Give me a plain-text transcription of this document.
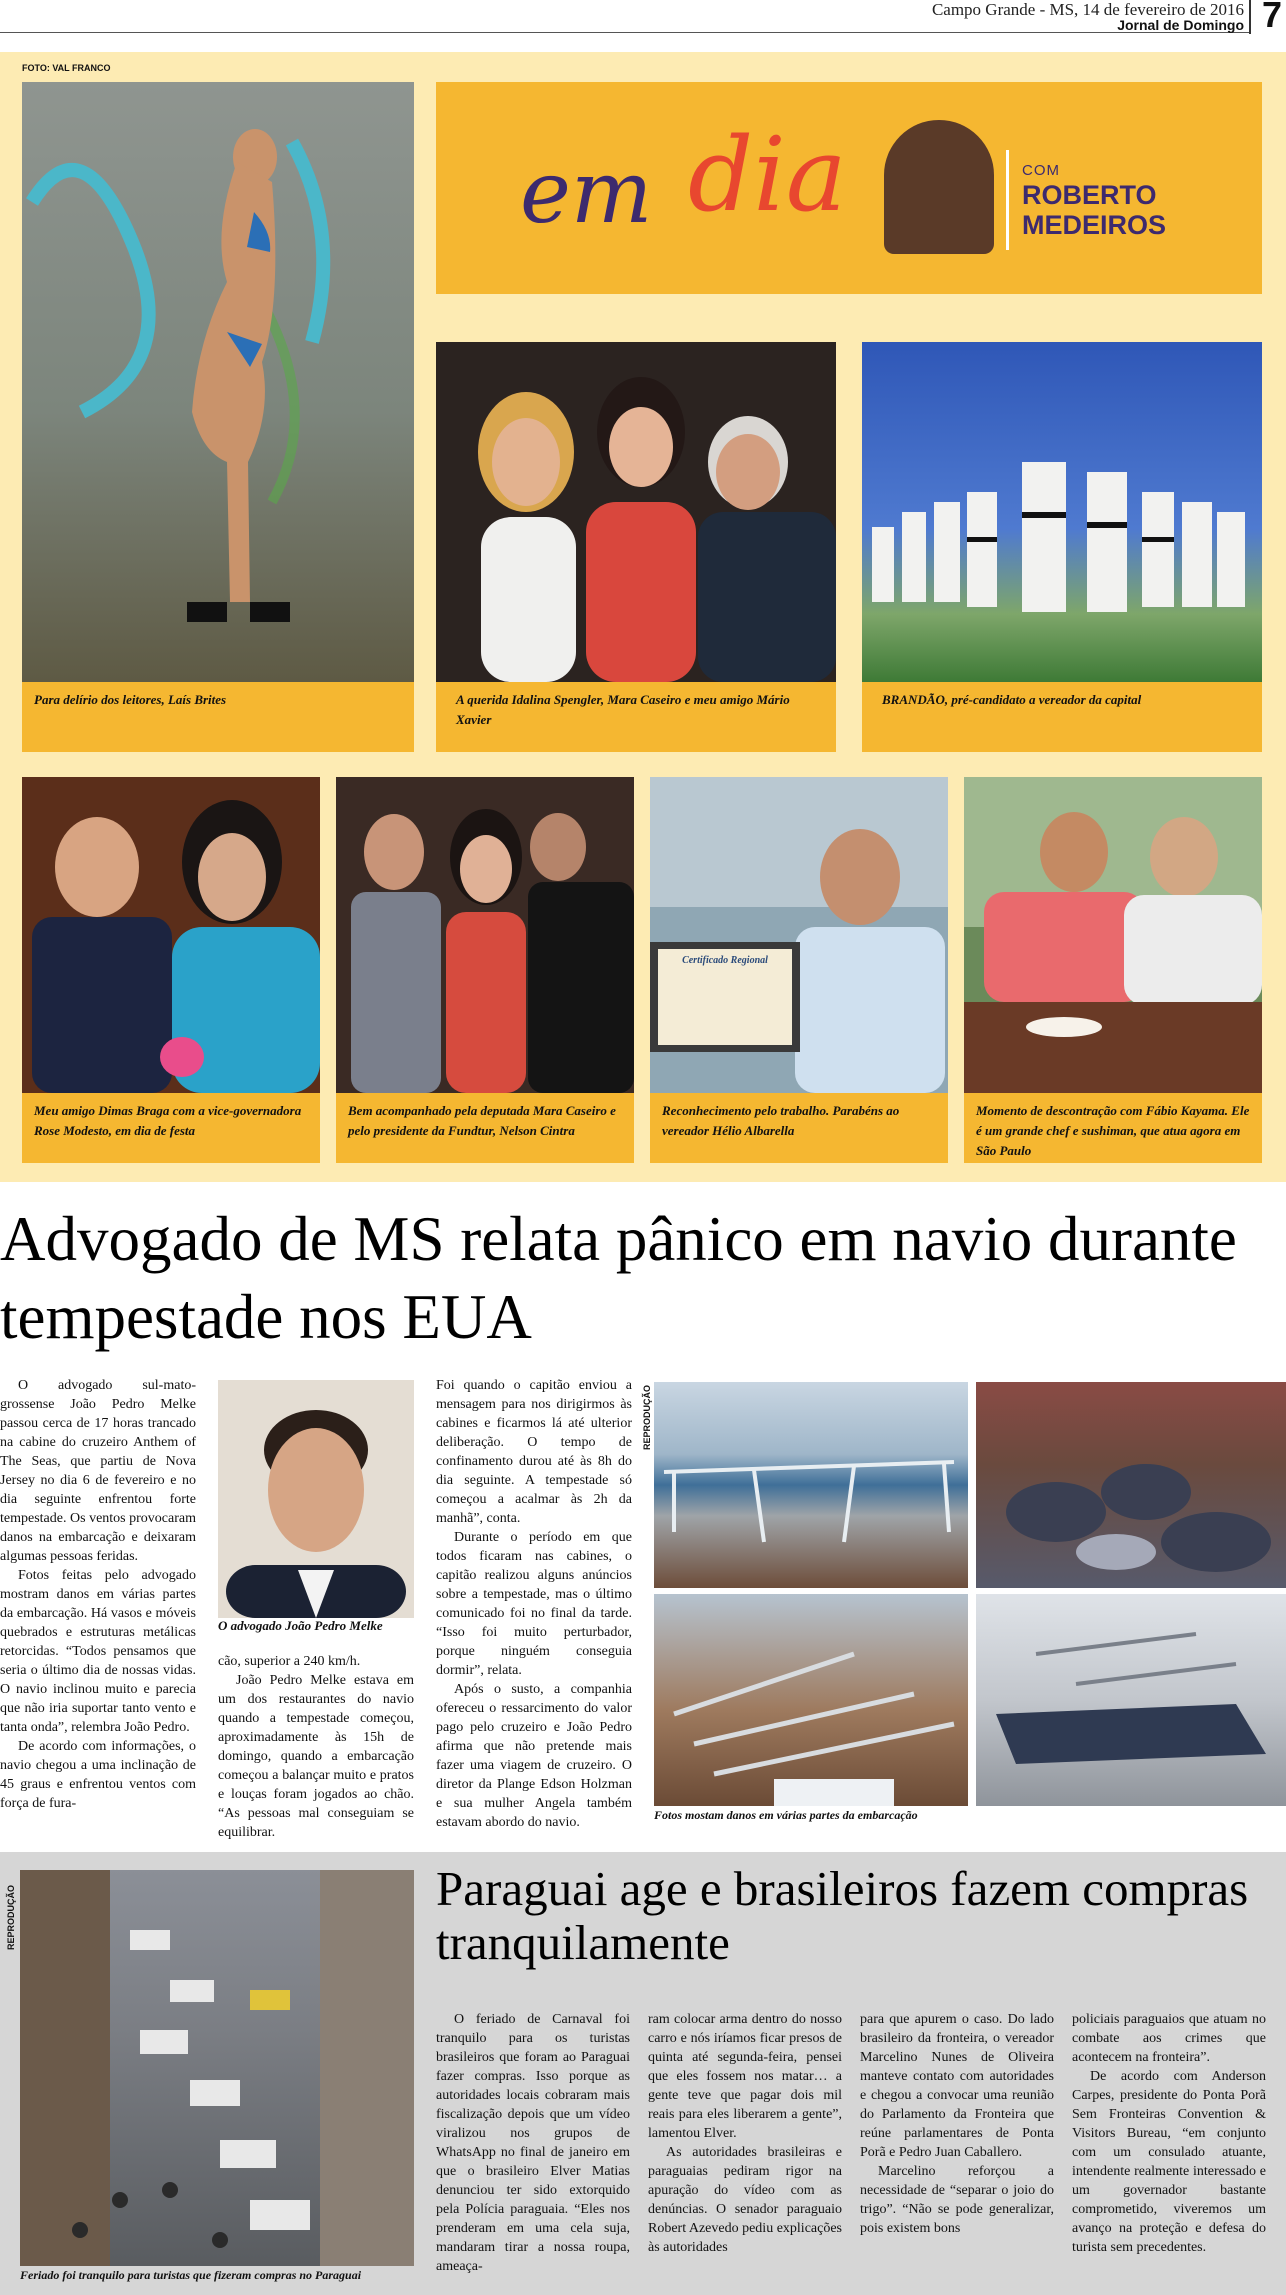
Campo Grande - MS, 14 de fevereiro de 2016
Jornal de Domingo 7
FOTO: VAL FRANCO
Para delírio dos leitores, Laís Brites
em dia	COM
ROBERTO
MEDEIROS
A querida Idalina Spengler, Mara Caseiro e meu amigo Mário Xavier
BRANDÃO, pré-candidato a vereador da capital
Meu amigo Dimas Braga com a vice-governadora Rose Modesto, em dia de festa
Bem acompanhado pela deputada Mara Caseiro e pelo presidente da Fundtur, Nelson Cintra
Certificado Regional
Reconhecimento pelo trabalho. Parabéns ao vereador Hélio Albarella
Momento de descontração com Fábio Kayama. Ele é um grande chef e sushiman, que atua agora em São Paulo
Advogado de MS relata pânico em navio durante tempestade nos EUA

O advogado sul-mato-grossense João Pedro Melke passou cerca de 17 horas trancado na cabine do cruzeiro Anthem of The Seas, que partiu de Nova Jersey no dia 6 de fevereiro e no dia seguinte enfrentou forte tempestade. Os ventos provocaram danos na embarcação e deixaram algumas pessoas feridas.

Fotos feitas pelo advogado mostram danos em várias partes da embarcação. Há vasos e móveis quebrados e estruturas metálicas retorcidas. “Todos pensamos que seria o último dia de nossas vidas. O navio inclinou muito e parecia que não iria suportar tanto vento e tanta onda”, relembra João Pedro.

De acordo com informações, o navio chegou a uma inclinação de 45 graus e enfrentou ventos com força de fura-

O advogado João Pedro Melke

cão, superior a 240 km/h.

João Pedro Melke estava em um dos restaurantes do navio quando a tempestade começou, aproximadamente às 15h de domingo, quando a embarcação começou a balançar muito e pratos e louças foram jogados ao chão. “As pessoas mal conseguiam se equilibrar.

Foi quando o capitão enviou a mensagem para nos dirigirmos às cabines e ficarmos lá até ulterior deliberação. O tempo de confinamento durou até às 8h do dia seguinte. A tempestade só começou a acalmar às 2h da manhã”, conta.

Durante o período em que todos ficaram nas cabines, o capitão realizou alguns anúncios sobre a tempestade, mas o último comunicado foi no final da tarde. “Isso foi muito perturbador, porque ninguém conseguia dormir”, relata.

Após o susto, a companhia ofereceu o ressarcimento do valor pago pelo cruzeiro e João Pedro afirma que não pretende mais fazer uma viagem de cruzeiro. O diretor da Plange Edson Holzman e sua mulher Angela também estavam abordo do navio.

REPRODUÇÃO
Fotos mostam danos em várias partes da embarcação
REPRODUÇÃO
Feriado foi tranquilo para turistas que fizeram compras no Paraguai
Paraguai age e brasileiros fazem compras tranquilamente

O feriado de Carnaval foi tranquilo para os turistas brasileiros que foram ao Paraguai fazer compras. Isso porque as autoridades locais cobraram mais fiscalização depois que um vídeo viralizou nos grupos de WhatsApp no final de janeiro em que o brasileiro Elver Matias denunciou ter sido extorquido pela Polícia paraguaia. “Eles nos prenderam em uma cela suja, mandaram tirar a nossa roupa, ameaça-

ram colocar arma dentro do nosso carro e nós iríamos ficar presos de quinta até segunda-feira, pensei que eles fossem nos matar… a gente teve que pagar dois mil reais para eles liberarem a gente”, lamentou Elver.

As autoridades brasileiras e paraguaias pediram rigor na apuração do vídeo com as denúncias. O senador paraguaio Robert Azevedo pediu explicações às autoridades

para que apurem o caso. Do lado brasileiro da fronteira, o vereador Marcelino Nunes de Oliveira manteve contato com autoridades e chegou a convocar uma reunião do Parlamento da Fronteira que reúne parlamentares de Ponta Porã e Pedro Juan Caballero.

Marcelino reforçou a necessidade de “separar o joio do trigo”. “Não se pode generalizar, pois existem bons

policiais paraguaios que atuam no combate aos crimes que acontecem na fronteira”.

De acordo com Anderson Carpes, presidente do Ponta Porã Sem Fronteiras Convention & Visitors Bureau, “em conjunto com um consulado atuante, intendente realmente interessado e um governador bastante comprometido, viveremos um avanço na proteção e defesa do turista sem precedentes.
